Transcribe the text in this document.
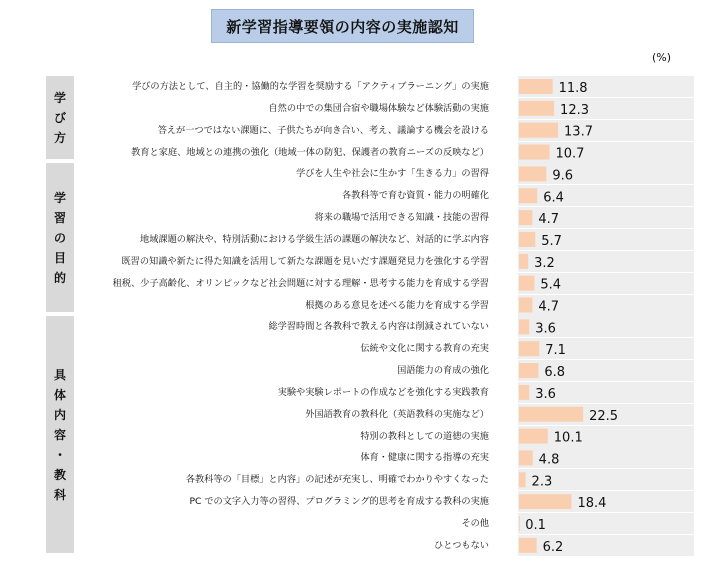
新学習指導要領の内容の実施認知
(%)
学
び
方
学
習
の
目
的
具
体
内
容
・
教
科
学びの方法として、自主的・協働的な学習を奨励する「アクティブラーニング」の実施
自然の中での集団合宿や職場体験など体験活動の実施
答えが一つではない課題に、子供たちが向き合い、考え、議論する機会を設ける
教育と家庭、地域との連携の強化（地域一体の防犯、保護者の教育ニーズの反映など）
学びを人生や社会に生かす「生きる力」の習得
各教科等で育む資質・能力の明確化
将来の職場で活用できる知識・技能の習得
地域課題の解決や、特別活動における学級生活の課題の解決など、対話的に学ぶ内容
既習の知識や新たに得た知識を活用して新たな課題を見いだす課題発見力を強化する学習
租税、少子高齢化、オリンピックなど社会問題に対する理解・思考する能力を育成する学習
根拠のある意見を述べる能力を育成する学習
総学習時間と各教科で教える内容は削減されていない
伝統や文化に関する教育の充実
国語能力の育成の強化
実験や実験レポートの作成などを強化する実践教育
外国語教育の教科化（英語教科の実施など）
特別の教科としての道徳の実施
体育・健康に関する指導の充実
各教科等の「目標」と内容」の記述が充実し、明確でわかりやすくなった
PC での文字入力等の習得、プログラミング的思考を育成する教科の実施
その他
ひとつもない
11.8
12.3
13.7
10.7
9.6
6.4
4.7
5.7
3.2
5.4
4.7
3.6
7.1
6.8
3.6
22.5
10.1
4.8
2.3
18.4
0.1
6.2
